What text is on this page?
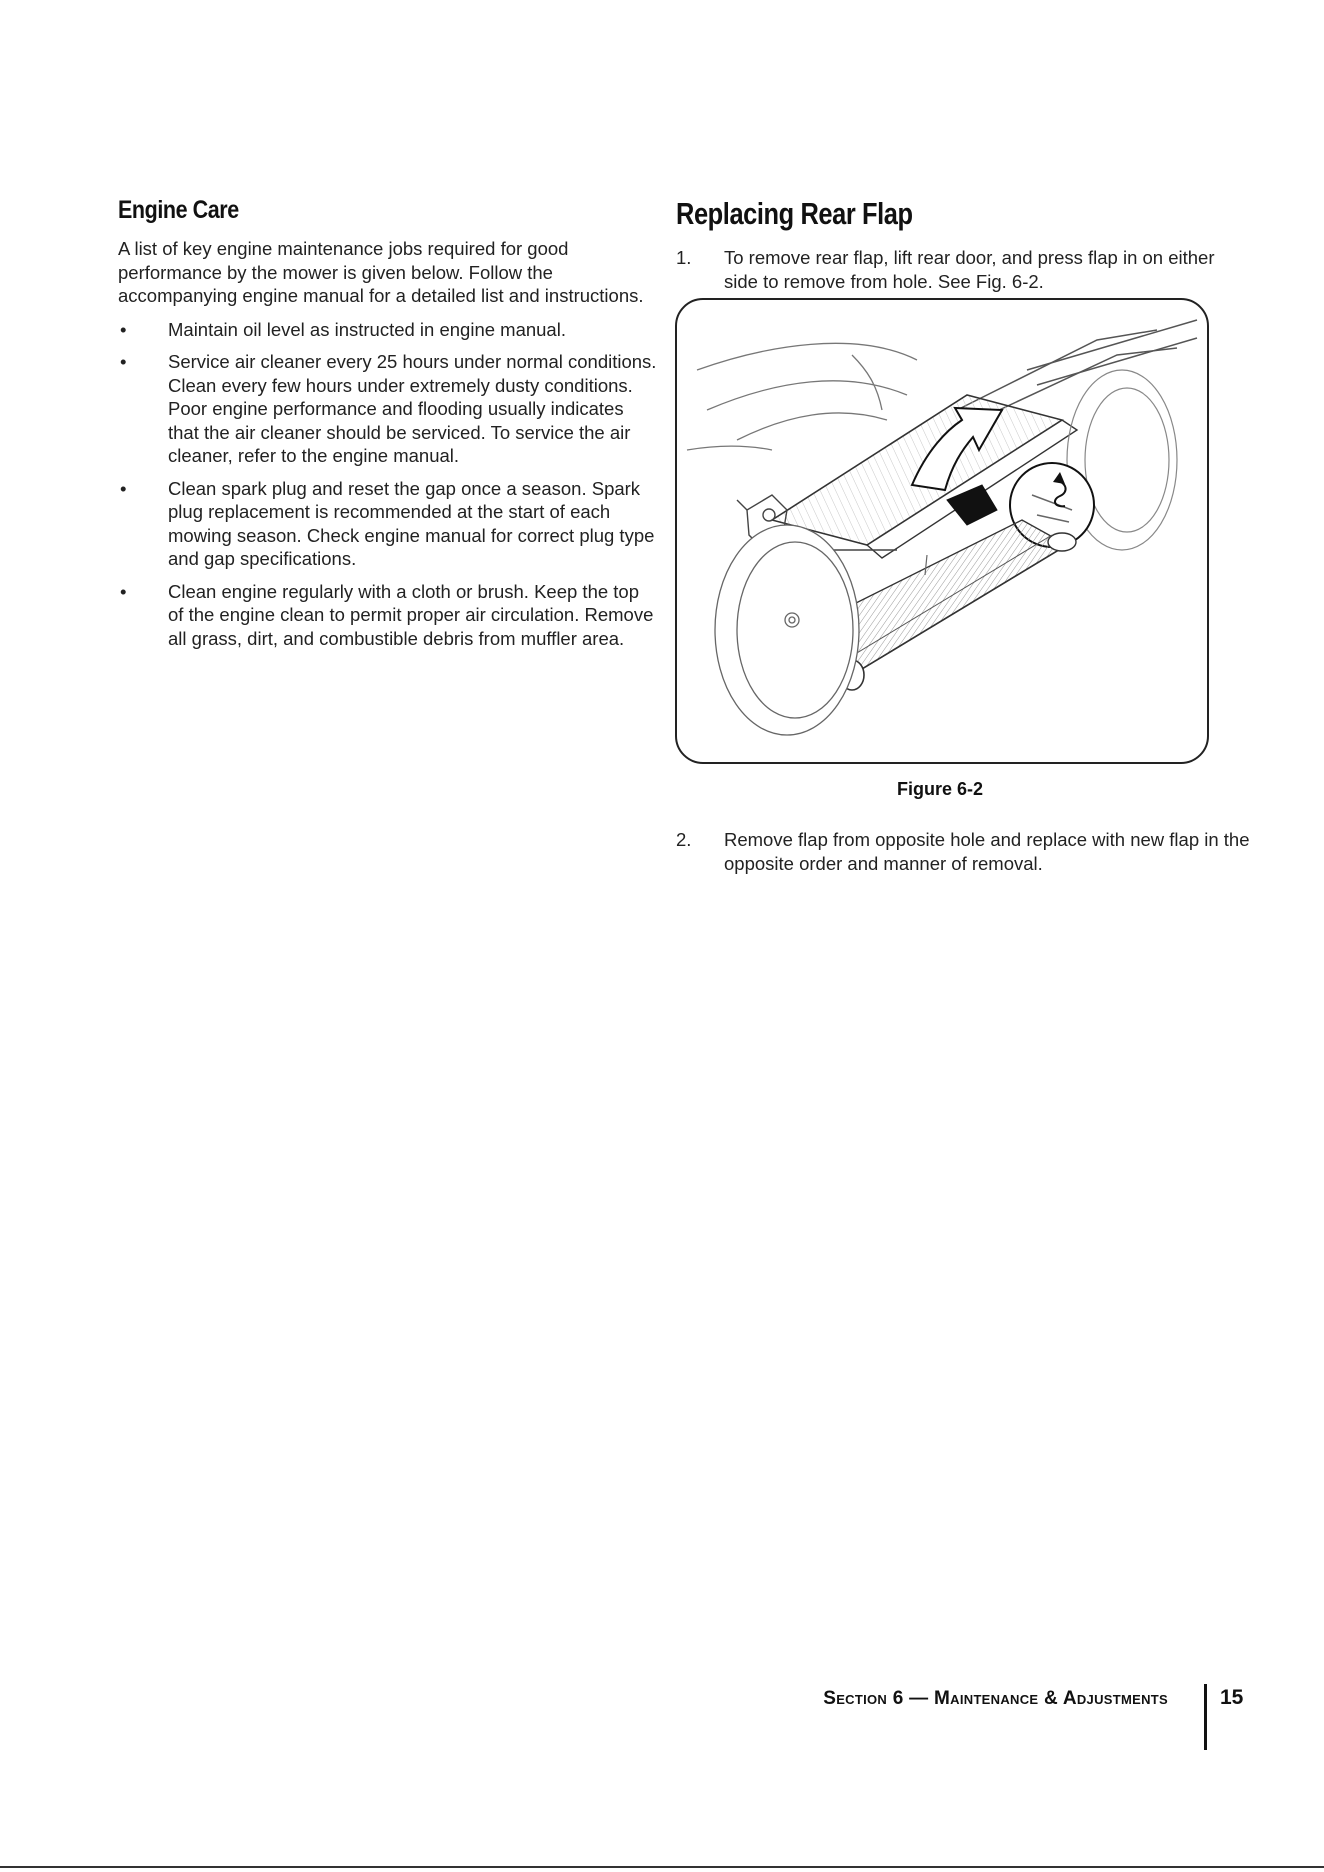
Engine Care

A list of key engine maintenance jobs required for good performance by the mower is given below. Follow the accompanying engine manual for a detailed list and instructions.

• Maintain oil level as instructed in engine manual.
• Service air cleaner every 25 hours under normal conditions. Clean every few hours under extremely dusty conditions. Poor engine performance and flooding usually indicates that the air cleaner should be serviced. To service the air cleaner, refer to the engine manual.
• Clean spark plug and reset the gap once a season. Spark plug replacement is recommended at the start of each mowing season. Check engine manual for correct plug type and gap specifications.
• Clean engine regularly with a cloth or brush. Keep the top of the engine clean to permit proper air circulation. Remove all grass, dirt, and combustible debris from muffler area.
Replacing Rear Flap
1. To remove rear flap, lift rear door, and press flap in on either side to remove from hole. See Fig. 6-2.
Figure 6-2
2. Remove flap from opposite hole and replace with new flap in the opposite order and manner of removal.
Section 6 — Maintenance & Adjustments 15
